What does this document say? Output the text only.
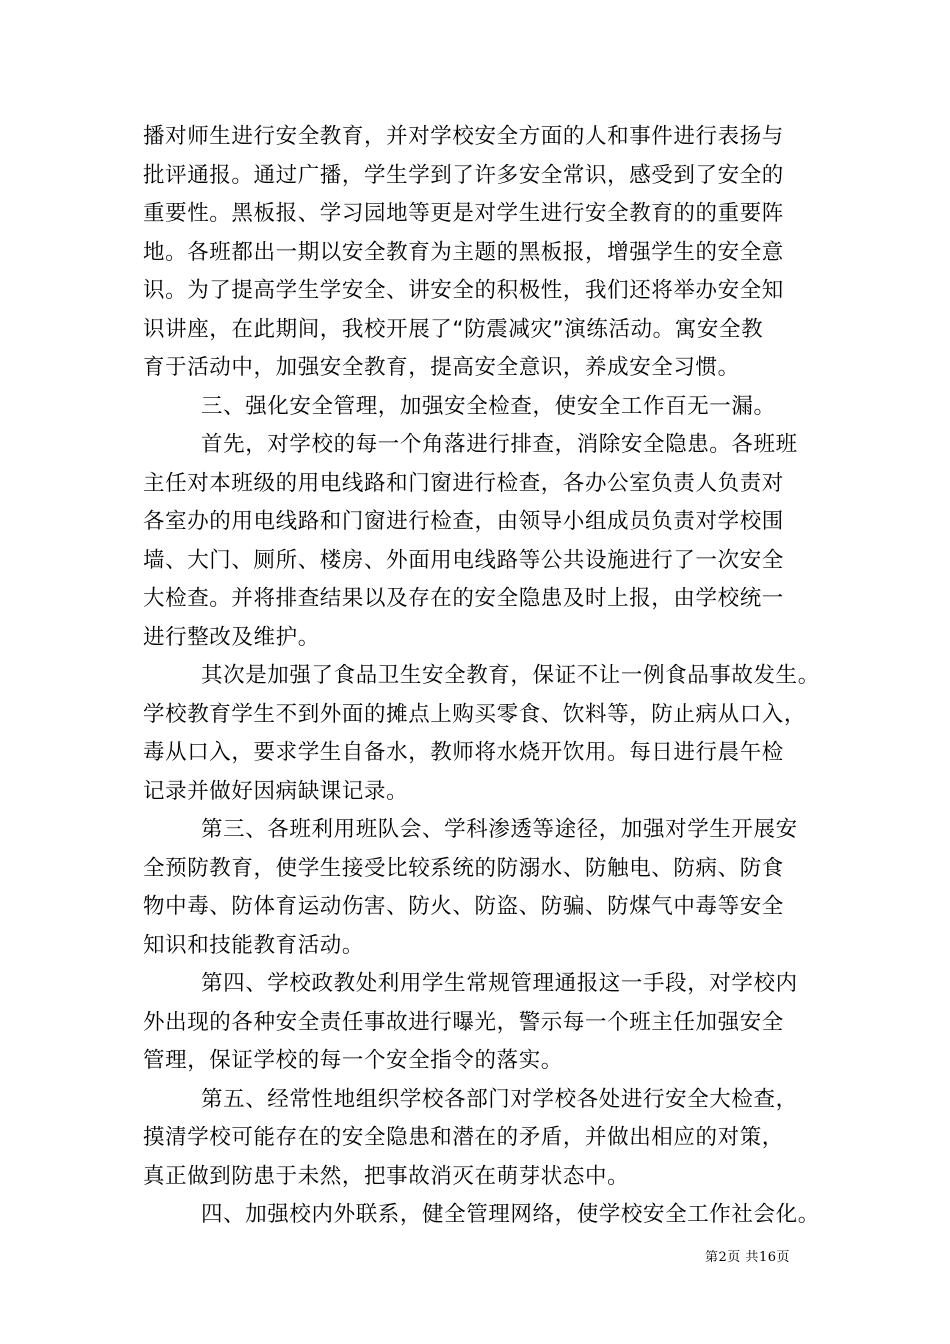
播对师生进行安全教育，并对学校安全方面的人和事件进行表扬与
批评通报。通过广播，学生学到了许多安全常识，感受到了安全的
重要性。黑板报、学习园地等更是对学生进行安全教育的的重要阵
地。各班都出一期以安全教育为主题的黑板报，增强学生的安全意
识。为了提高学生学安全、讲安全的积极性，我们还将举办安全知
识讲座，在此期间，我校开展了“防震减灾”演练活动。寓安全教
育于活动中，加强安全教育，提高安全意识，养成安全习惯。
三、强化安全管理，加强安全检查，使安全工作百无一漏。
首先，对学校的每一个角落进行排查，消除安全隐患。各班班
主任对本班级的用电线路和门窗进行检查，各办公室负责人负责对
各室办的用电线路和门窗进行检查，由领导小组成员负责对学校围
墙、大门、厕所、楼房、外面用电线路等公共设施进行了一次安全
大检查。并将排查结果以及存在的安全隐患及时上报，由学校统一
进行整改及维护。
其次是加强了食品卫生安全教育，保证不让一例食品事故发生。
学校教育学生不到外面的摊点上购买零食、饮料等，防止病从口入，
毒从口入，要求学生自备水，教师将水烧开饮用。每日进行晨午检
记录并做好因病缺课记录。
第三、各班利用班队会、学科渗透等途径，加强对学生开展安
全预防教育，使学生接受比较系统的防溺水、防触电、防病、防食
物中毒、防体育运动伤害、防火、防盗、防骗、防煤气中毒等安全
知识和技能教育活动。
第四、学校政教处利用学生常规管理通报这一手段，对学校内
外出现的各种安全责任事故进行曝光，警示每一个班主任加强安全
管理，保证学校的每一个安全指令的落实。
第五、经常性地组织学校各部门对学校各处进行安全大检查，
摸清学校可能存在的安全隐患和潜在的矛盾，并做出相应的对策，
真正做到防患于未然，把事故消灭在萌芽状态中。
四、加强校内外联系，健全管理网络，使学校安全工作社会化。
第2页 共16页
